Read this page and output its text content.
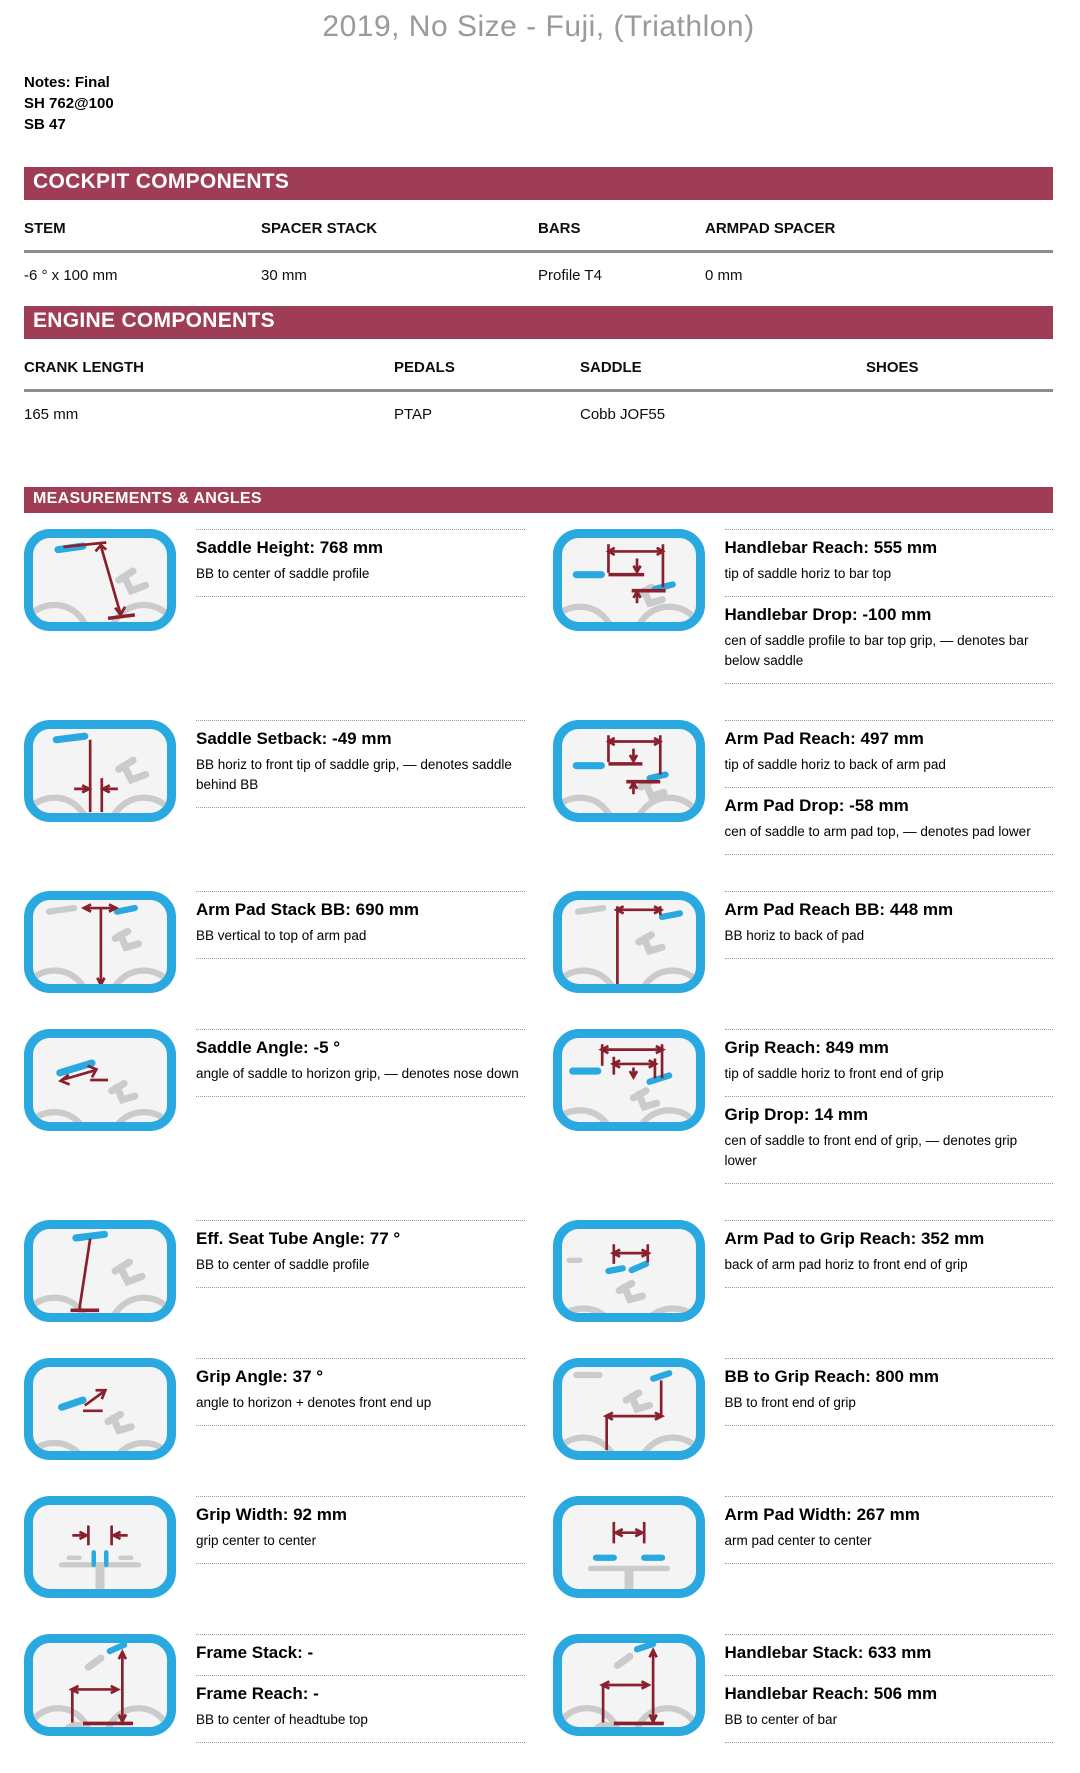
2019, No Size - Fuji, (Triathlon)
Notes: Final
SH 762@100
SB 47
COCKPIT COMPONENTS
STEM	SPACER STACK	BARS	ARMPAD SPACER
-6 ° x 100 mm	30 mm	Profile T4	0 mm
ENGINE COMPONENTS
CRANK LENGTH	PEDALS	SADDLE	SHOES
165 mm	PTAP	Cobb JOF55
MEASUREMENTS & ANGLES
Saddle Height: 768 mm
BB to center of saddle profile
Handlebar Reach: 555 mm
tip of saddle horiz to bar top
Handlebar Drop: -100 mm
cen of saddle profile to bar top grip, — denotes bar below saddle
Saddle Setback: -49 mm
BB horiz to front tip of saddle grip, — denotes saddle behind BB
Arm Pad Reach: 497 mm
tip of saddle horiz to back of arm pad
Arm Pad Drop: -58 mm
cen of saddle to arm pad top, — denotes pad lower
Arm Pad Stack BB: 690 mm
BB vertical to top of arm pad
Arm Pad Reach BB: 448 mm
BB horiz to back of pad
Saddle Angle: -5 °
angle of saddle to horizon grip, — denotes nose down
Grip Reach: 849 mm
tip of saddle horiz to front end of grip
Grip Drop: 14 mm
cen of saddle to front end of grip, — denotes grip lower
Eff. Seat Tube Angle: 77 °
BB to center of saddle profile
Arm Pad to Grip Reach: 352 mm
back of arm pad horiz to front end of grip
Grip Angle: 37 °
angle to horizon + denotes front end up
BB to Grip Reach: 800 mm
BB to front end of grip
Grip Width: 92 mm
grip center to center
Arm Pad Width: 267 mm
arm pad center to center
Frame Stack: -
Frame Reach: -
BB to center of headtube top
Handlebar Stack: 633 mm
Handlebar Reach: 506 mm
BB to center of bar
